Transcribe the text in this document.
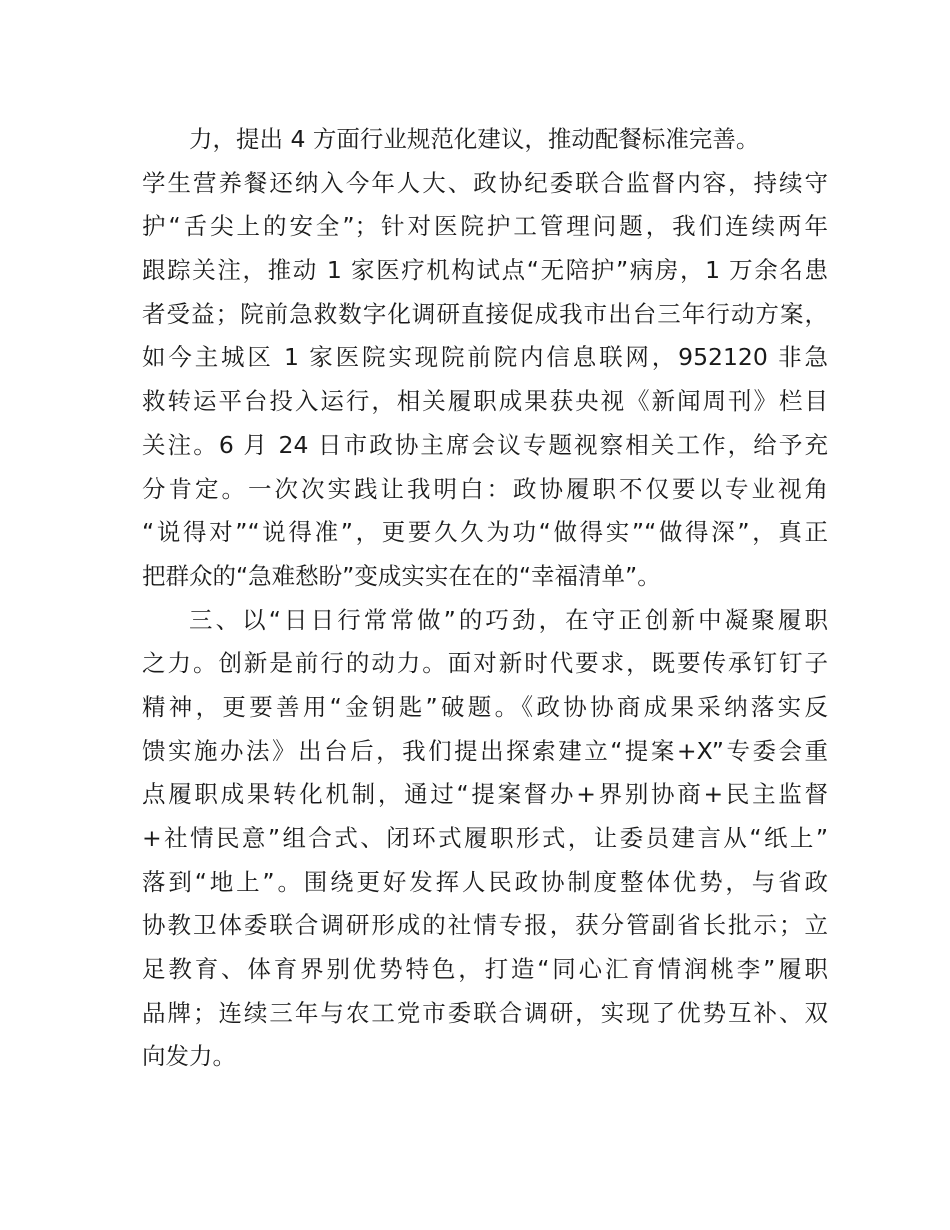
力，提出 4 方面行业规范化建议，推动配餐标准完善。
学生营养餐还纳入今年人大、政协纪委联合监督内容，持续守
护“舌尖上的安全”；针对医院护工管理问题，我们连续两年
跟踪关注，推动 1 家医疗机构试点“无陪护”病房，1 万余名患
者受益；院前急救数字化调研直接促成我市出台三年行动方案，
如今主城区 1 家医院实现院前院内信息联网，952120 非急
救转运平台投入运行，相关履职成果获央视《新闻周刊》栏目
关注。6 月 24 日市政协主席会议专题视察相关工作，给予充
分肯定。一次次实践让我明白：政协履职不仅要以专业视角
“说得对”“说得准”，更要久久为功“做得实”“做得深”，真正
把群众的“急难愁盼”变成实实在在的“幸福清单”。
三、以“日日行常常做”的巧劲，在守正创新中凝聚履职
之力。创新是前行的动力。面对新时代要求，既要传承钉钉子
精神，更要善用“金钥匙”破题。《政协协商成果采纳落实反
馈实施办法》出台后，我们提出探索建立“提案+X”专委会重
点履职成果转化机制，通过“提案督办+界别协商+民主监督
+社情民意”组合式、闭环式履职形式，让委员建言从“纸上”
落到“地上”。围绕更好发挥人民政协制度整体优势，与省政
协教卫体委联合调研形成的社情专报，获分管副省长批示；立
足教育、体育界别优势特色，打造“同心汇育情润桃李”履职
品牌；连续三年与农工党市委联合调研，实现了优势互补、双
向发力。
